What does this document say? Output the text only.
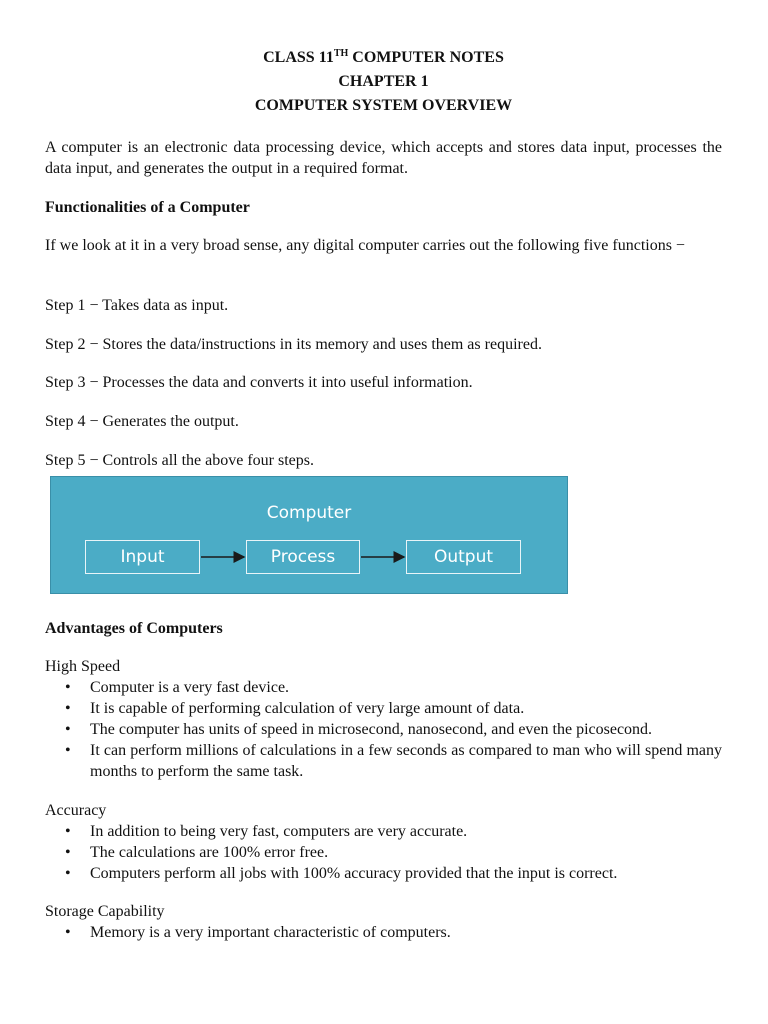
CLASS 11TH COMPUTER NOTES
CHAPTER 1
COMPUTER SYSTEM OVERVIEW

A computer is an electronic data processing device, which accepts and stores data input, processes the data input, and generates the output in a required format.

Functionalities of a Computer

If we look at it in a very broad sense, any digital computer carries out the following five functions −

Step 1 − Takes data as input.
Step 2 − Stores the data/instructions in its memory and uses them as required.
Step 3 − Processes the data and converts it into useful information.
Step 4 − Generates the output.
Step 5 − Controls all the above four steps.
Advantages of Computers
High Speed
• Computer is a very fast device.
• It is capable of performing calculation of very large amount of data.
• The computer has units of speed in microsecond, nanosecond, and even the picosecond.
• It can perform millions of calculations in a few seconds as compared to man who will spend many months to perform the same task.
Accuracy
• In addition to being very fast, computers are very accurate.
• The calculations are 100% error free.
• Computers perform all jobs with 100% accuracy provided that the input is correct.
Storage Capability
• Memory is a very important characteristic of computers.
Computer
Input	Process	Output
